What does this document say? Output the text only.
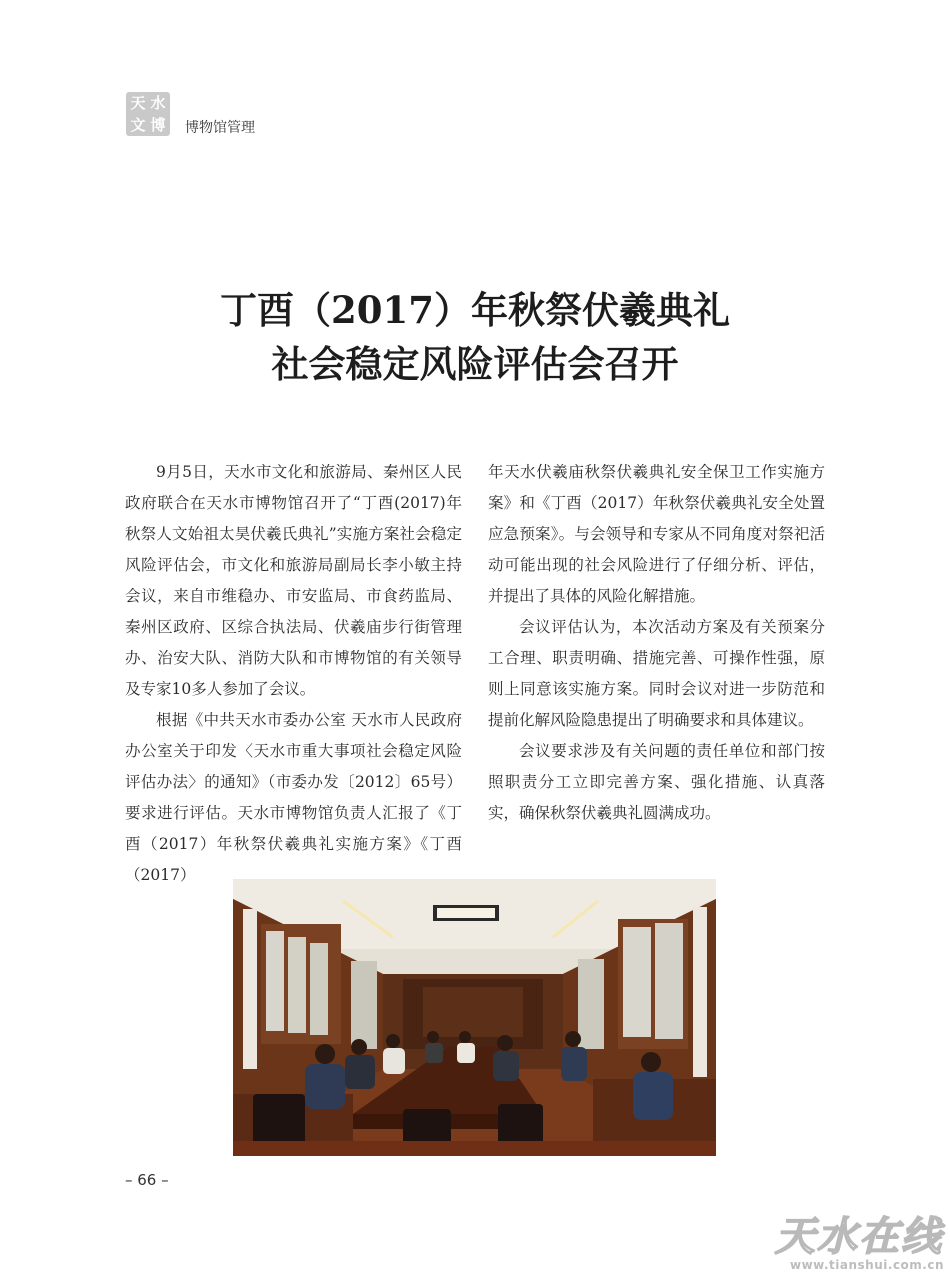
天 水
文 博 博物馆管理
丁酉（2017）年秋祭伏羲典礼
社会稳定风险评估会召开

9月5日，天水市文化和旅游局、秦州区人民政府联合在天水市博物馆召开了“丁酉(2017)年秋祭人文始祖太昊伏羲氏典礼”实施方案社会稳定风险评估会，市文化和旅游局副局长李小敏主持会议，来自市维稳办、市安监局、市食药监局、秦州区政府、区综合执法局、伏羲庙步行街管理办、治安大队、消防大队和市博物馆的有关领导及专家10多人参加了会议。

根据《中共天水市委办公室 天水市人民政府办公室关于印发〈天水市重大事项社会稳定风险评估办法〉的通知》（市委办发〔2012〕65号）要求进行评估。天水市博物馆负责人汇报了《丁酉（2017）年秋祭伏羲典礼实施方案》《丁酉（2017）

年天水伏羲庙秋祭伏羲典礼安全保卫工作实施方案》和《丁酉（2017）年秋祭伏羲典礼安全处置应急预案》。与会领导和专家从不同角度对祭祀活动可能出现的社会风险进行了仔细分析、评估，并提出了具体的风险化解措施。

会议评估认为，本次活动方案及有关预案分工合理、职责明确、措施完善、可操作性强，原则上同意该实施方案。同时会议对进一步防范和提前化解风险隐患提出了明确要求和具体建议。

会议要求涉及有关问题的责任单位和部门按照职责分工立即完善方案、强化措施、认真落实，确保秋祭伏羲典礼圆满成功。

– 66 –
天水在线
www.tianshui.com.cn
